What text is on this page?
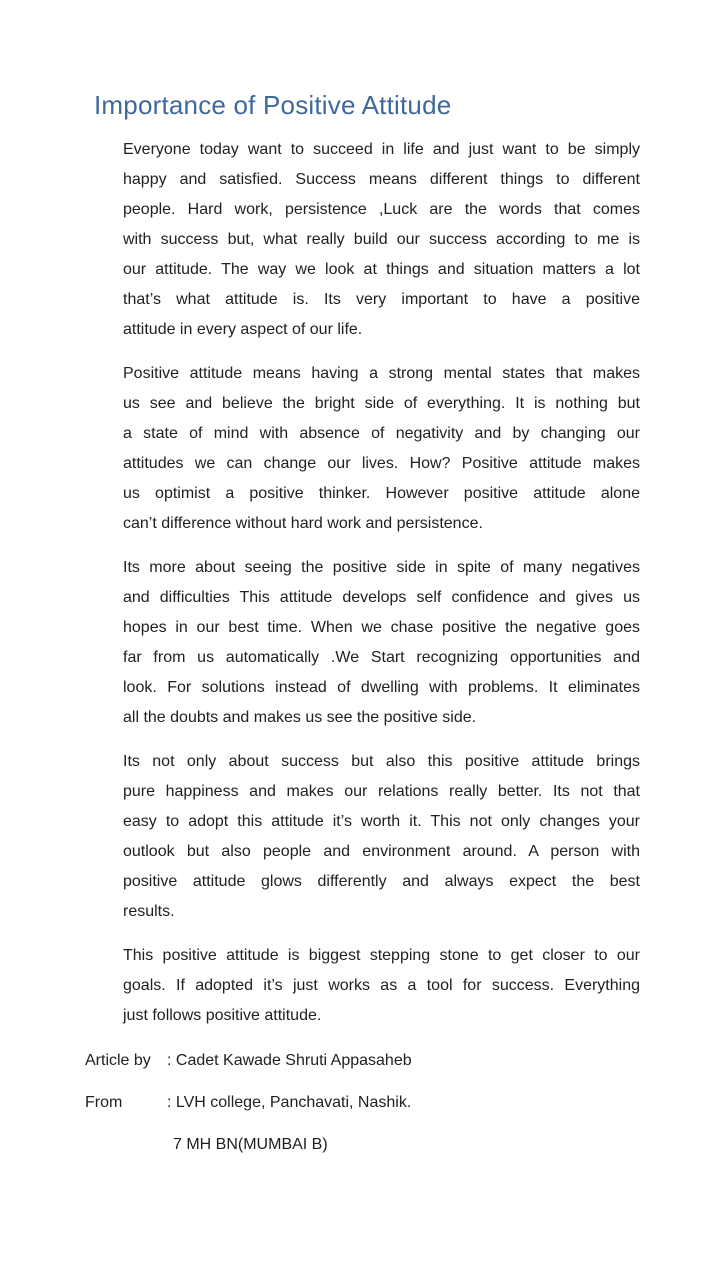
Importance of Positive Attitude

Everyone today want to succeed in life and just want to be simply
happy and satisfied. Success means different things to different
people. Hard work, persistence ,Luck are the words that comes
with success but, what really build our success according to me is
our attitude. The way we look at things and situation matters a lot
that’s what attitude is. Its very important to have a positive
attitude in every aspect of our life.

Positive attitude means having a strong mental states that makes
us see and believe the bright side of everything. It is nothing but
a state of mind with absence of negativity and by changing our
attitudes we can change our lives. How? Positive attitude makes
us optimist a positive thinker. However positive attitude alone
can’t difference without hard work and persistence.

Its more about seeing the positive side in spite of many negatives
and difficulties This attitude develops self confidence and gives us
hopes in our best time. When we chase positive the negative goes
far from us automatically .We Start recognizing opportunities and
look. For solutions instead of dwelling with problems. It eliminates
all the doubts and makes us see the positive side.

Its not only about success but also this positive attitude brings
pure happiness and makes our relations really better. Its not that
easy to adopt this attitude it’s worth it. This not only changes your
outlook but also people and environment around. A person with
positive attitude glows differently and always expect the best
results.

This positive attitude is biggest stepping stone to get closer to our
goals. If adopted it’s just works as a tool for success. Everything
just follows positive attitude.

Article by : Cadet Kawade Shruti Appasaheb
From	: LVH college, Panchavati, Nashik.
7 MH BN(MUMBAI B)
